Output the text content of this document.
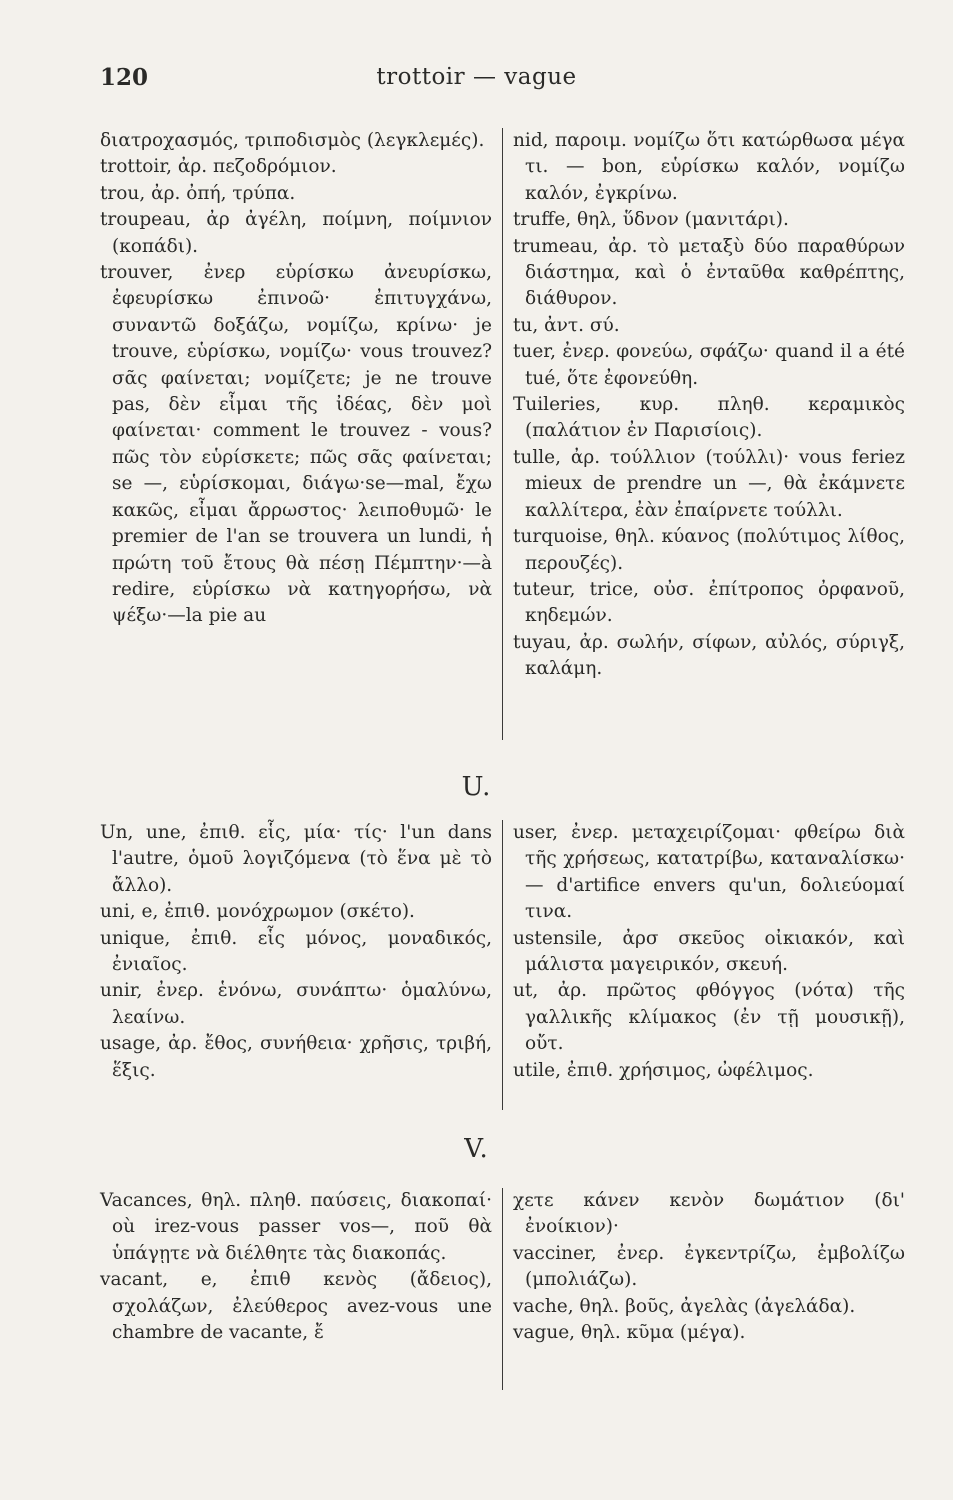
120	trottoir — vague

διατροχασμός, τριποδισμὸς (λεγκλεμές).

trottoir, ἀρ. πεζοδρόμιον.

trou, ἀρ. ὀπή, τρύπα.

troupeau, ἀρ ἀγέλη, ποίμνη, ποίμνιον (κοπάδι).

trouver, ἐνερ εὑρίσκω ἀνευρίσκω, ἐφευρίσκω ἐπινοῶ· ἐπιτυγχάνω, συναντῶ δοξάζω, νομίζω, κρίνω· je trouve, εὑρίσκω, νομίζω· vous trouvez? σᾶς φαίνεται; νομίζετε; je ne trouve pas, δὲν εἶμαι τῆς ἰδέας, δὲν μοὶ φαίνεται· comment le trouvez - vous? πῶς τὸν εὑρίσκετε; πῶς σᾶς φαίνεται; se —, εὑρίσκομαι, διάγω·se—mal, ἔχω κακῶς, εἶμαι ἄρρωστος· λειποθυμῶ· le premier de l'an se trouvera un lundi, ἡ πρώτη τοῦ ἔτους θὰ πέσῃ Πέμπτην·—à redire, εὑρίσκω νὰ κατηγορήσω, νὰ ψέξω·—la pie au

nid, παροιμ. νομίζω ὅτι κατώρθωσα μέγα τι. — bon, εὑρίσκω καλόν, νομίζω καλόν, ἐγκρίνω.

truffe, θηλ, ὕδνον (μανιτάρι).

trumeau, ἀρ. τὸ μεταξὺ δύο παραθύρων διάστημα, καὶ ὁ ἐνταῦθα καθρέπτης, διάθυρον.

tu, ἀντ. σύ.

tuer, ἐνερ. φονεύω, σφάζω· quand il a été tué, ὅτε ἐφονεύθη.

Tuileries, κυρ. πληθ. κεραμικὸς (παλάτιον ἐν Παρισίοις).

tulle, ἀρ. τούλλιον (τούλλι)· vous feriez mieux de prendre un —, θὰ ἐκάμνετε καλλίτερα, ἐὰν ἐπαίρνετε τούλλι.

turquoise, θηλ. κύανος (πολύτιμος λίθος, περουζές).

tuteur, trice, οὐσ. ἐπίτροπος ὀρφανοῦ, κηδεμών.

tuyau, ἀρ. σωλήν, σίφων, αὐλός, σύριγξ, καλάμη.

U.

Un, une, ἐπιθ. εἷς, μία· τίς· l'un dans l'autre, ὁμοῦ λογιζόμενα (τὸ ἕνα μὲ τὸ ἄλλο).

uni, e, ἐπιθ. μονόχρωμον (σκέτο).

unique, ἐπιθ. εἷς μόνος, μοναδικός, ἐνιαῖος.

unir, ἐνερ. ἑνόνω, συνάπτω· ὁμαλύνω, λεαίνω.

usage, ἀρ. ἔθος, συνήθεια· χρῆσις, τριβή, ἕξις.

user, ἐνερ. μεταχειρίζομαι· φθείρω διὰ τῆς χρήσεως, κατατρίβω, καταναλίσκω· — d'artifice envers qu'un, δολιεύομαί τινα.

ustensile, ἀρσ σκεῦος οἰκιακόν, καὶ μάλιστα μαγειρικόν, σκευή.

ut, ἀρ. πρῶτος φθόγγος (νότα) τῆς γαλλικῆς κλίμακος (ἐν τῇ μουσικῇ), οὔτ.

utile, ἐπιθ. χρήσιμος, ὠφέλιμος.

V.

Vacances, θηλ. πληθ. παύσεις, διακοπαί· où irez-vous passer vos—, ποῦ θὰ ὑπάγῃτε νὰ διέλθητε τὰς διακοπάς.

vacant, e, ἐπιθ κενὸς (ἄδειος), σχολάζων, ἐλεύθερος avez-vous une chambre de vacante, ἔ

χετε κάνεν κενὸν δωμάτιον (δι' ἐνοίκιον)·

vacciner, ἐνερ. ἐγκεντρίζω, ἐμβολίζω (μπολιάζω).

vache, θηλ. βοῦς, ἀγελὰς (ἀγελάδα).

vague, θηλ. κῦμα (μέγα).
